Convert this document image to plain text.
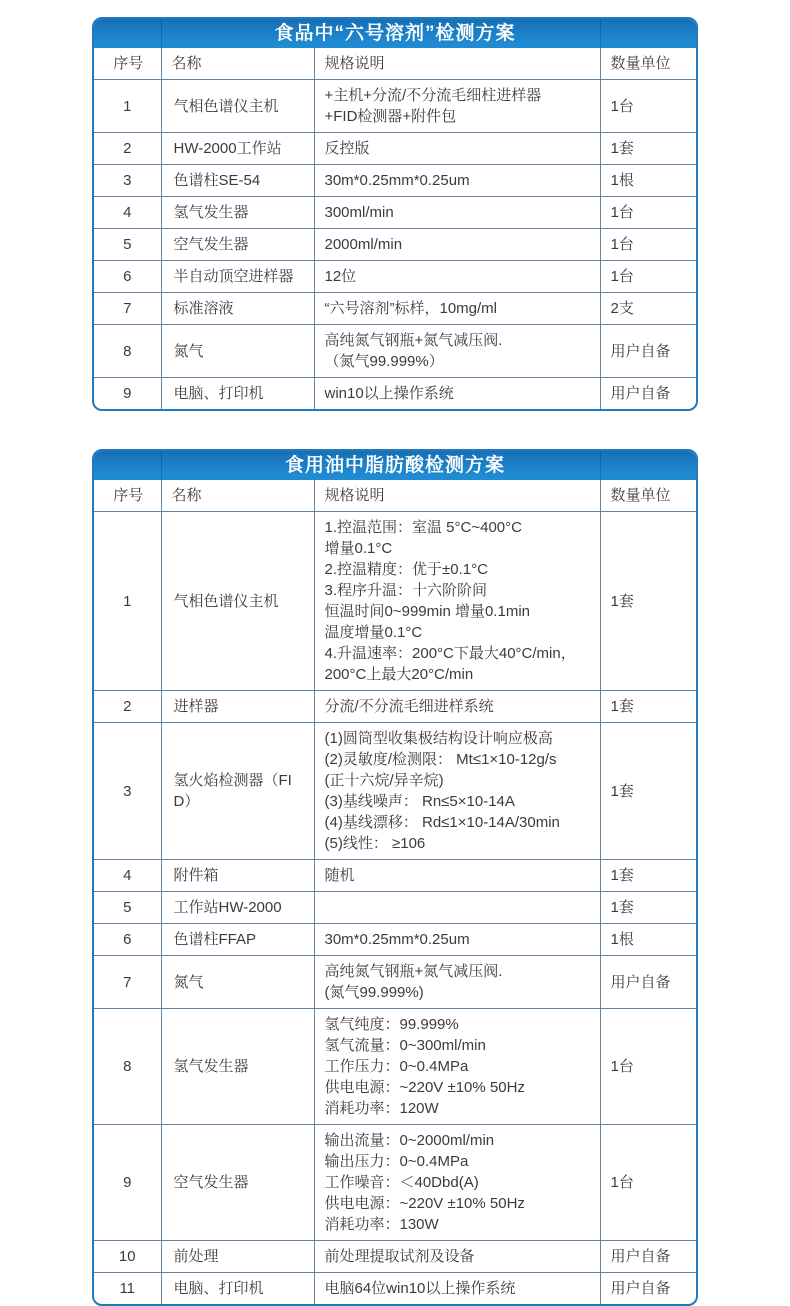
食品中“六号溶剂”检测方案
序号	名称	规格说明	数量单位
1	气相色谱仪主机	+主机+分流/不分流毛细柱进样器
+FID检测器+附件包	1台
2	HW-2000工作站	反控版	1套
3	色谱柱SE-54	30m*0.25mm*0.25um	1根
4	氢气发生器	300ml/min	1台
5	空气发生器	2000ml/min	1台
6	半自动顶空进样器	12位	1台
7	标准溶液	“六号溶剂”标样，10mg/ml	2支
8	氮气	高纯氮气钢瓶+氮气减压阀.
（氮气99.999%）	用户自备
9	电脑、打印机	win10以上操作系统	用户自备
食用油中脂肪酸检测方案
序号	名称	规格说明	数量单位
1	气相色谱仪主机	1.控温范围：室温 5°C~400°C
增量0.1°C
2.控温精度：优于±0.1°C
3.程序升温：十六阶阶间
恒温时间0~999min 增量0.1min
温度增量0.1°C
4.升温速率：200°C下最大40°C/min，
200°C上最大20°C/min	1套
2	进样器	分流/不分流毛细进样系统	1套
3	氢火焰检测器（FID）	(1)圆筒型收集极结构设计响应极高
(2)灵敏度/检测限： Mt≤1×10-12g/s
(正十六烷/异辛烷)
(3)基线噪声： Rn≤5×10-14A
(4)基线漂移： Rd≤1×10-14A/30min
(5)线性： ≥106	1套
4	附件箱	随机	1套
5	工作站HW-2000		1套
6	色谱柱FFAP	30m*0.25mm*0.25um	1根
7	氮气	高纯氮气钢瓶+氮气减压阀.
(氮气99.999%)	用户自备
8	氢气发生器	氢气纯度：99.999%
氢气流量：0~300ml/min
工作压力：0~0.4MPa
供电电源：~220V ±10% 50Hz
消耗功率：120W	1台
9	空气发生器	输出流量：0~2000ml/min
输出压力：0~0.4MPa
工作噪音：＜40Dbd(A)
供电电源：~220V ±10% 50Hz
消耗功率：130W	1台
10	前处理	前处理提取试剂及设备	用户自备
11	电脑、打印机	电脑64位win10以上操作系统	用户自备
